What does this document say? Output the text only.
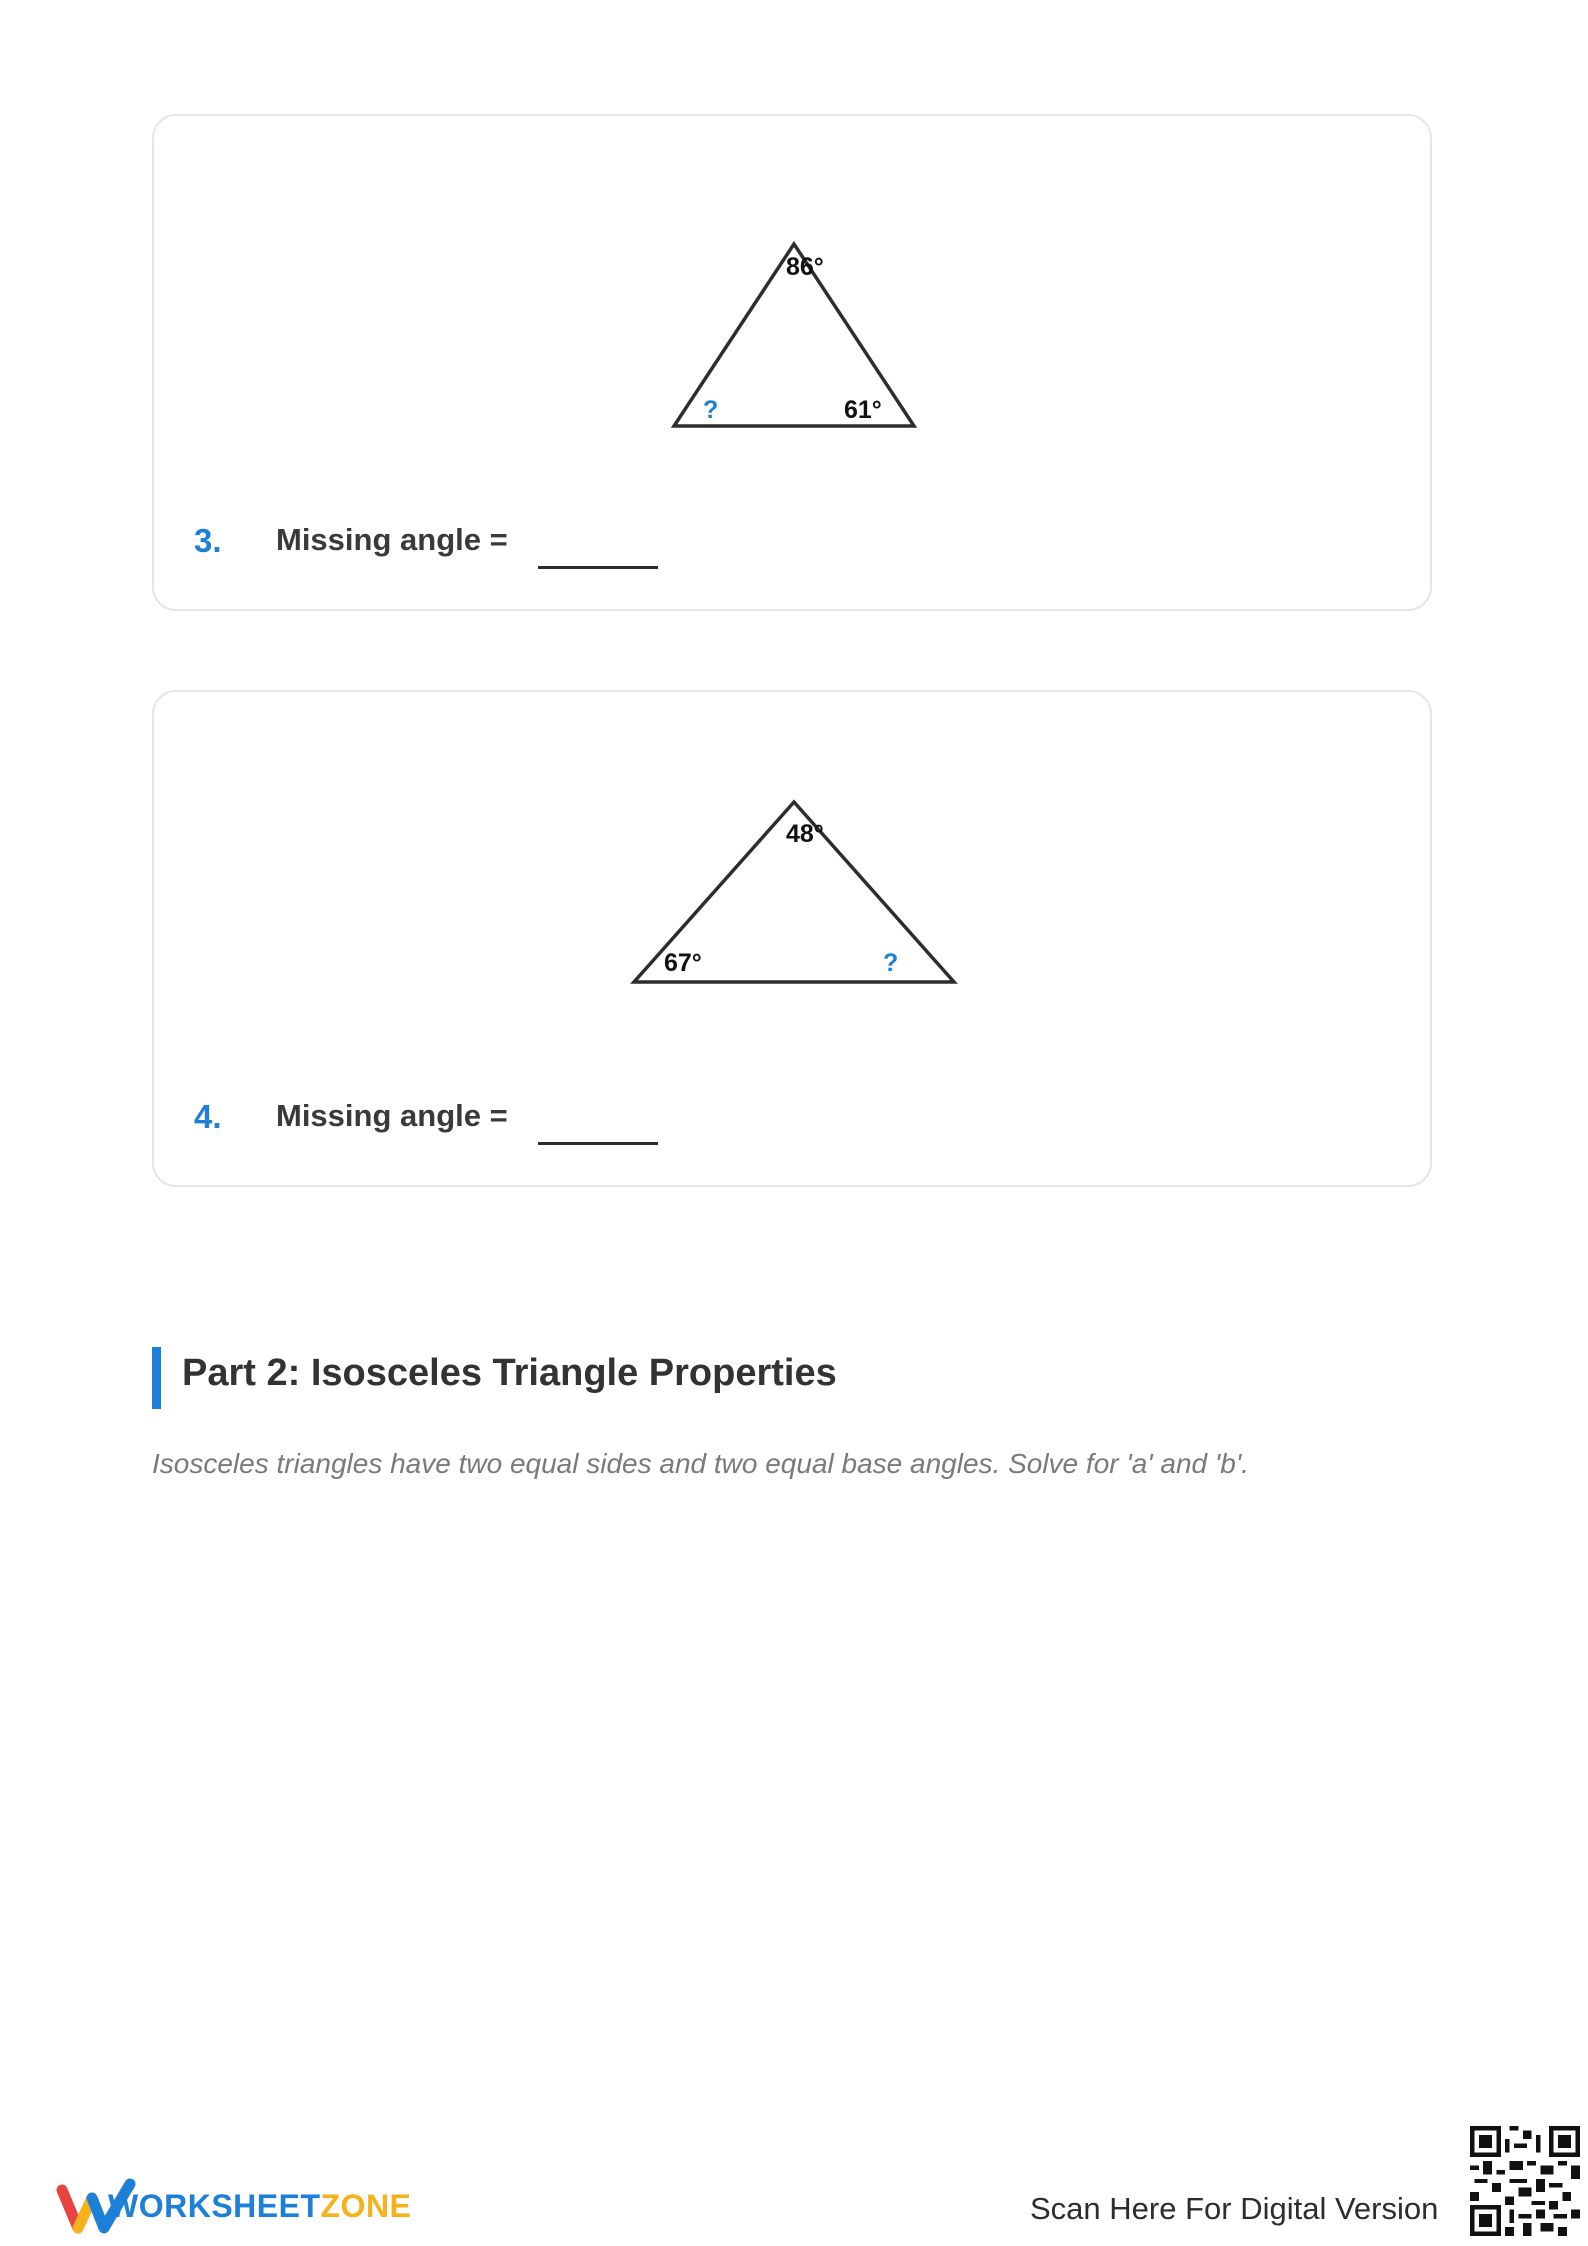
86°
?	61°
3. Missing angle =
48°
67°	?
4. Missing angle =
Part 2: Isosceles Triangle Properties
Isosceles triangles have two equal sides and two equal base angles. Solve for 'a' and 'b'.
WORKSHEETZONE	Scan Here For Digital Version
